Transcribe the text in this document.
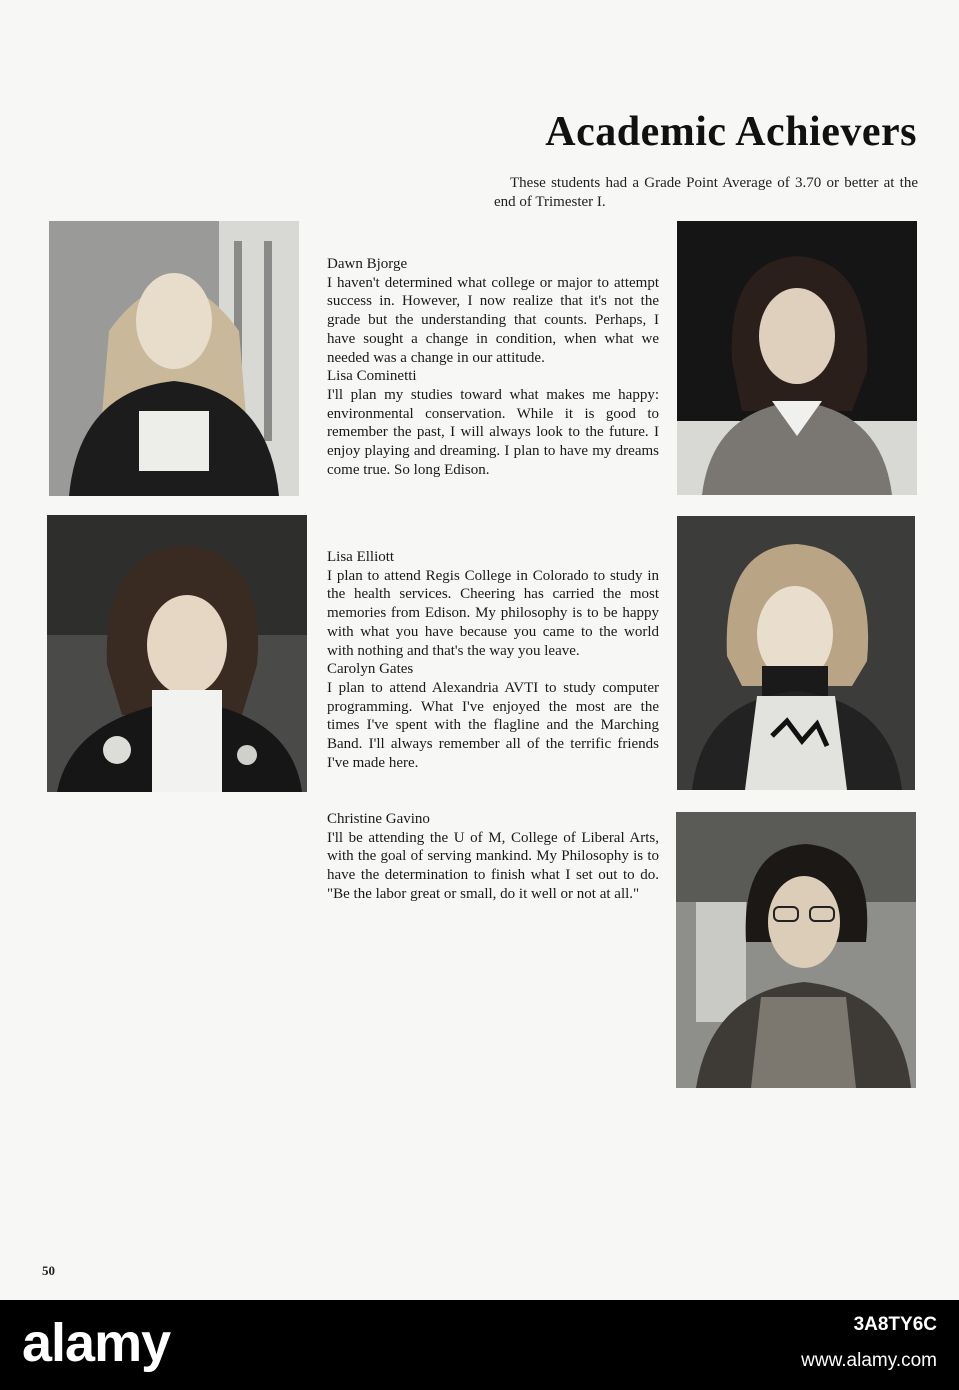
Academic Achievers
These students had a Grade Point Average of 3.70 or better at the end of Trimester I.
Dawn Bjorge
I haven't determined what college or major to attempt success in. However, I now realize that it's not the grade but the understanding that counts. Perhaps, I have sought a change in condition, when what we needed was a change in our attitude.
Lisa Cominetti
I'll plan my studies toward what makes me happy: environmental conservation. While it is good to remember the past, I will always look to the future. I enjoy playing and dreaming. I plan to have my dreams come true. So long Edison.
Lisa Elliott
I plan to attend Regis College in Colorado to study in the health services. Cheering has carried the most memories from Edison. My philosophy is to be happy with what you have because you came to the world with nothing and that's the way you leave.
Carolyn Gates
I plan to attend Alexandria AVTI to study computer programming. What I've enjoyed the most are the times I've spent with the flagline and the Marching Band. I'll always remember all of the terrific friends I've made here.
Christine Gavino
I'll be attending the U of M, College of Liberal Arts, with the goal of serving mankind. My Philosophy is to have the determination to finish what I set out to do. "Be the labor great or small, do it well or not at all."
50
alamy	3A8TY6C
www.alamy.com
